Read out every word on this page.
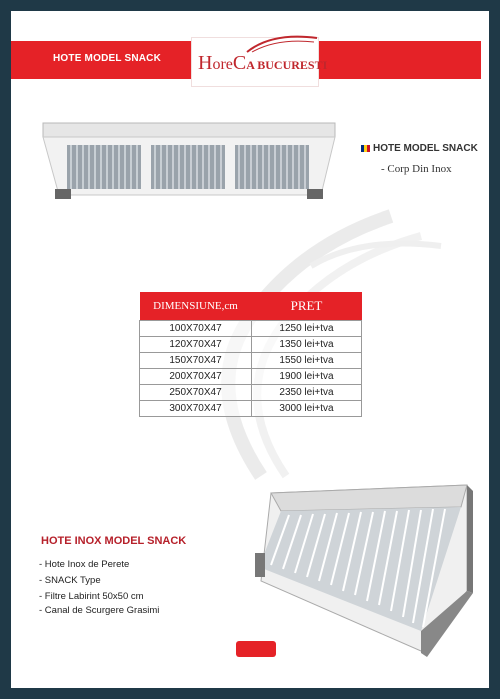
HOTE MODEL SNACK HoreCA BUCURESTI
HOTE MODEL SNACK
- Corp Din Inox
DIMENSIUNE,cm	PRET
100X70X47	1250 lei+tva
120X70X47	1350 lei+tva
150X70X47	1550 lei+tva
200X70X47	1900 lei+tva
250X70X47	2350 lei+tva
300X70X47	3000 lei+tva
HOTE INOX MODEL SNACK
- Hote Inox de Perete
- SNACK Type
- Filtre Labirint 50x50 cm
- Canal de Scurgere Grasimi
